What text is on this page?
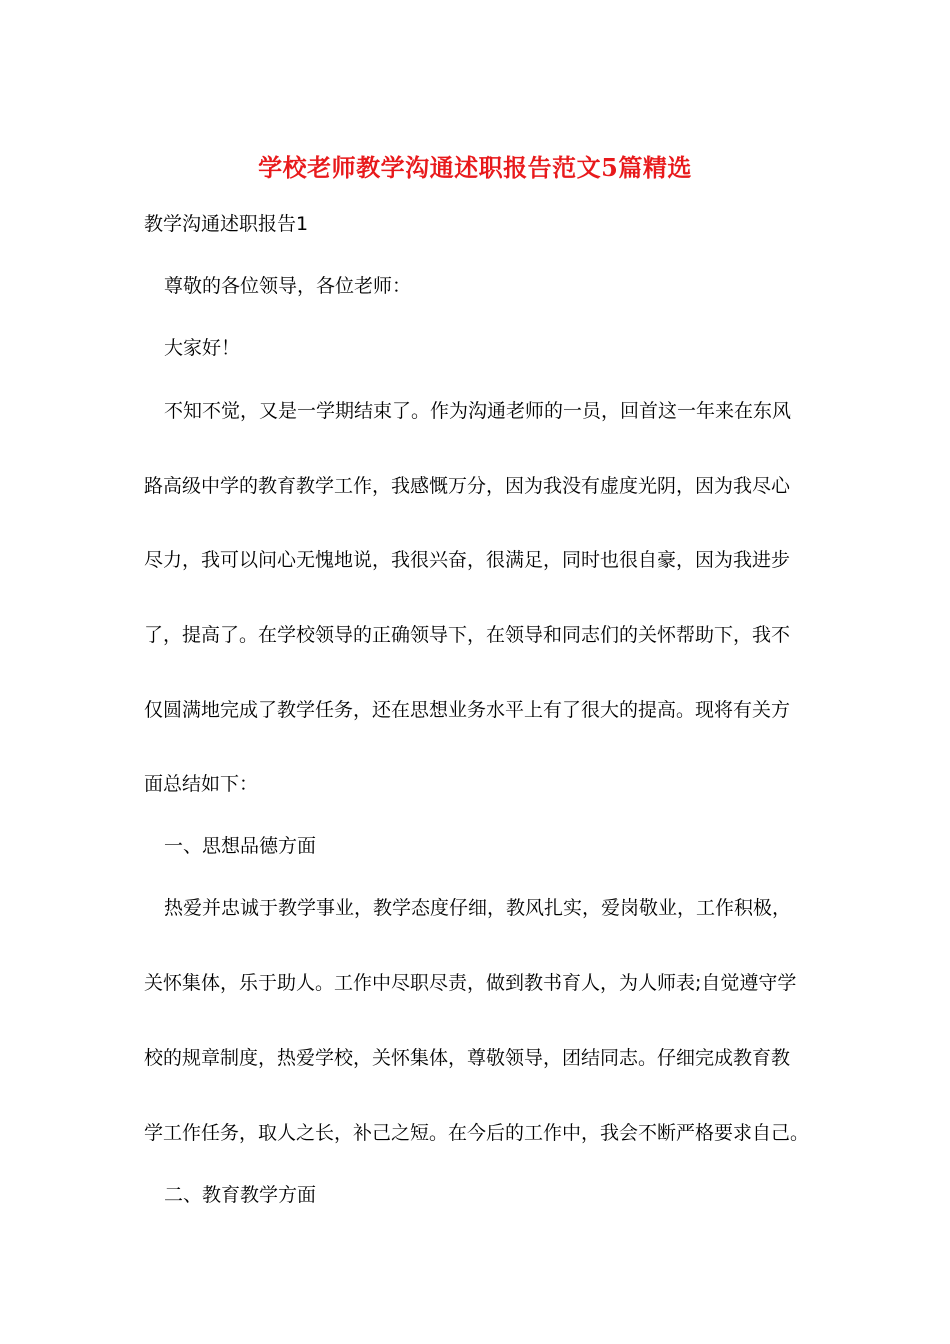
学校老师教学沟通述职报告范文5篇精选
教学沟通述职报告1
尊敬的各位领导，各位老师：
大家好！
不知不觉，又是一学期结束了。作为沟通老师的一员，回首这一年来在东风
路高级中学的教育教学工作，我感慨万分，因为我没有虚度光阴，因为我尽心
尽力，我可以问心无愧地说，我很兴奋，很满足，同时也很自豪，因为我进步
了，提高了。在学校领导的正确领导下，在领导和同志们的关怀帮助下，我不
仅圆满地完成了教学任务，还在思想业务水平上有了很大的提高。现将有关方
面总结如下：
一、思想品德方面
热爱并忠诚于教学事业，教学态度仔细，教风扎实，爱岗敬业，工作积极，
关怀集体，乐于助人。工作中尽职尽责，做到教书育人，为人师表;自觉遵守学
校的规章制度，热爱学校，关怀集体，尊敬领导，团结同志。仔细完成教育教
学工作任务，取人之长，补己之短。在今后的工作中，我会不断严格要求自己。
二、教育教学方面
